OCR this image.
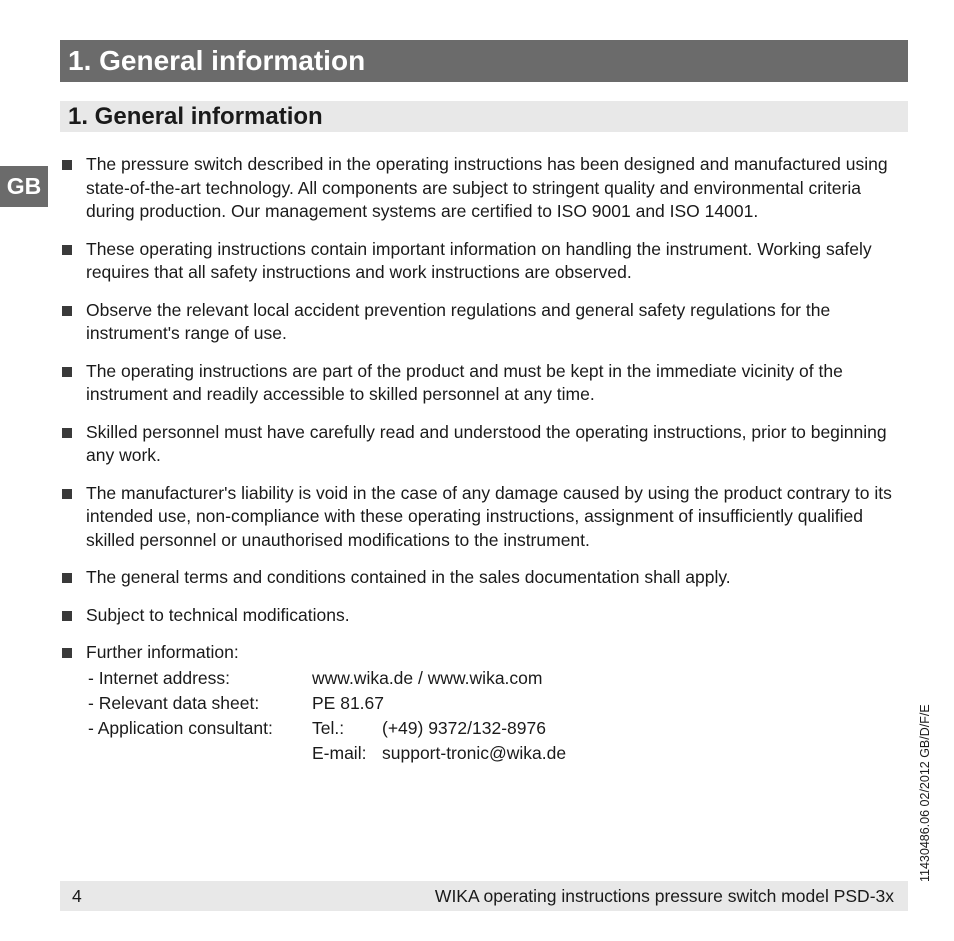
1. General information
1. General information
GB
The pressure switch described in the operating instructions has been designed and manufactured using state-of-the-art technology. All components are subject to stringent quality and environmental criteria during production. Our management systems are certified to ISO 9001 and ISO 14001.
These operating instructions contain important information on handling the instrument. Working safely requires that all safety instructions and work instructions are observed.
Observe the relevant local accident prevention regulations and general safety regulations for the instrument's range of use.
The operating instructions are part of the product and must be kept in the immediate vicinity of the instrument and readily accessible to skilled personnel at any time.
Skilled personnel must have carefully read and understood the operating instructions, prior to beginning any work.
The manufacturer's liability is void in the case of any damage caused by using the product contrary to its intended use, non-compliance with these operating instructions, assignment of insufficiently qualified skilled personnel or unauthorised modifications to the instrument.
The general terms and conditions contained in the sales documentation shall apply.
Subject to technical modifications.
Further information:
- Internet address:	www.wika.de / www.wika.com	
- Relevant data sheet:	PE 81.67	
- Application consultant:	Tel.:	(+49) 9372/132-8976
	E-mail:	support-tronic@wika.de	11430486.06 02/2012 GB/D/F/E
4	WIKA operating instructions pressure switch model PSD-3x
